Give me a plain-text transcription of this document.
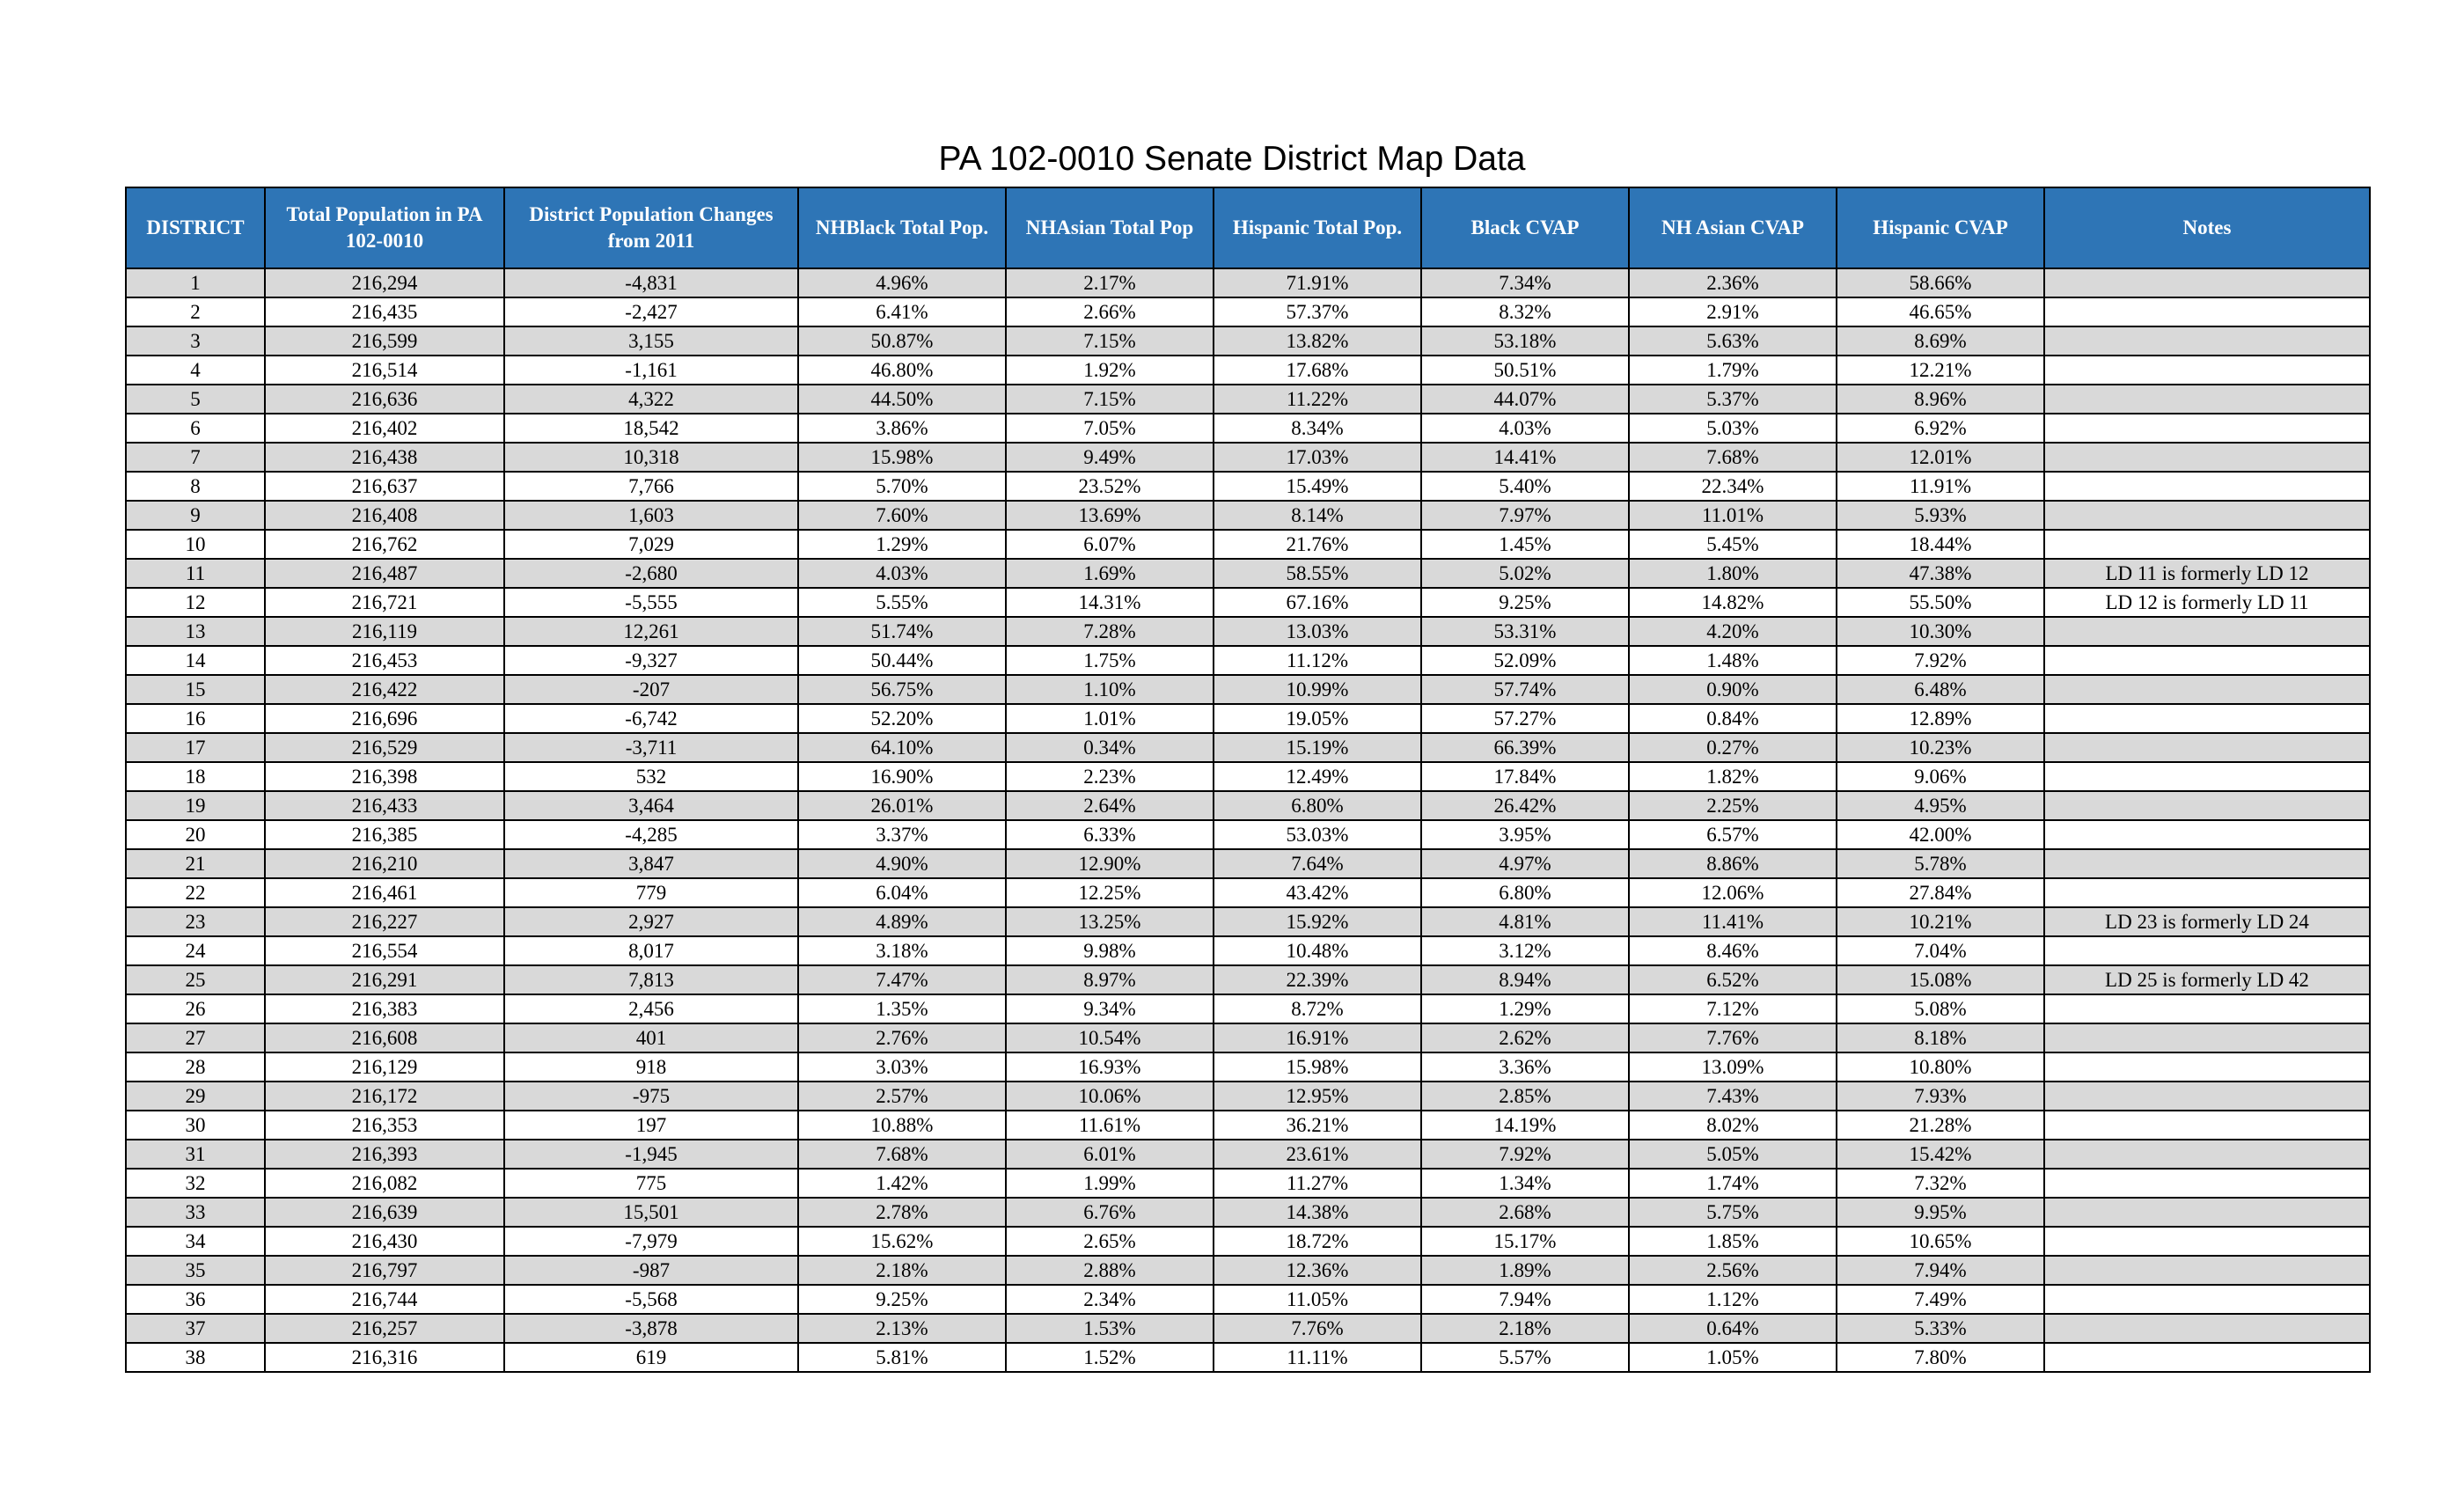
PA 102-0010 Senate District Map Data
DISTRICT	Total Population in PA 102-0010	District Population Changes from 2011	NHBlack Total Pop.	NHAsian Total Pop	Hispanic Total Pop.	Black CVAP	NH Asian CVAP	Hispanic CVAP	Notes
1	216,294	-4,831	4.96%	2.17%	71.91%	7.34%	2.36%	58.66%	
2	216,435	-2,427	6.41%	2.66%	57.37%	8.32%	2.91%	46.65%	
3	216,599	3,155	50.87%	7.15%	13.82%	53.18%	5.63%	8.69%	
4	216,514	-1,161	46.80%	1.92%	17.68%	50.51%	1.79%	12.21%	
5	216,636	4,322	44.50%	7.15%	11.22%	44.07%	5.37%	8.96%	
6	216,402	18,542	3.86%	7.05%	8.34%	4.03%	5.03%	6.92%	
7	216,438	10,318	15.98%	9.49%	17.03%	14.41%	7.68%	12.01%	
8	216,637	7,766	5.70%	23.52%	15.49%	5.40%	22.34%	11.91%	
9	216,408	1,603	7.60%	13.69%	8.14%	7.97%	11.01%	5.93%	
10	216,762	7,029	1.29%	6.07%	21.76%	1.45%	5.45%	18.44%	
11	216,487	-2,680	4.03%	1.69%	58.55%	5.02%	1.80%	47.38%	LD 11 is formerly LD 12
12	216,721	-5,555	5.55%	14.31%	67.16%	9.25%	14.82%	55.50%	LD 12 is formerly LD 11
13	216,119	12,261	51.74%	7.28%	13.03%	53.31%	4.20%	10.30%	
14	216,453	-9,327	50.44%	1.75%	11.12%	52.09%	1.48%	7.92%	
15	216,422	-207	56.75%	1.10%	10.99%	57.74%	0.90%	6.48%	
16	216,696	-6,742	52.20%	1.01%	19.05%	57.27%	0.84%	12.89%	
17	216,529	-3,711	64.10%	0.34%	15.19%	66.39%	0.27%	10.23%	
18	216,398	532	16.90%	2.23%	12.49%	17.84%	1.82%	9.06%	
19	216,433	3,464	26.01%	2.64%	6.80%	26.42%	2.25%	4.95%	
20	216,385	-4,285	3.37%	6.33%	53.03%	3.95%	6.57%	42.00%	
21	216,210	3,847	4.90%	12.90%	7.64%	4.97%	8.86%	5.78%	
22	216,461	779	6.04%	12.25%	43.42%	6.80%	12.06%	27.84%	
23	216,227	2,927	4.89%	13.25%	15.92%	4.81%	11.41%	10.21%	LD 23 is formerly LD 24
24	216,554	8,017	3.18%	9.98%	10.48%	3.12%	8.46%	7.04%	
25	216,291	7,813	7.47%	8.97%	22.39%	8.94%	6.52%	15.08%	LD 25 is formerly LD 42
26	216,383	2,456	1.35%	9.34%	8.72%	1.29%	7.12%	5.08%	
27	216,608	401	2.76%	10.54%	16.91%	2.62%	7.76%	8.18%	
28	216,129	918	3.03%	16.93%	15.98%	3.36%	13.09%	10.80%	
29	216,172	-975	2.57%	10.06%	12.95%	2.85%	7.43%	7.93%	
30	216,353	197	10.88%	11.61%	36.21%	14.19%	8.02%	21.28%	
31	216,393	-1,945	7.68%	6.01%	23.61%	7.92%	5.05%	15.42%	
32	216,082	775	1.42%	1.99%	11.27%	1.34%	1.74%	7.32%	
33	216,639	15,501	2.78%	6.76%	14.38%	2.68%	5.75%	9.95%	
34	216,430	-7,979	15.62%	2.65%	18.72%	15.17%	1.85%	10.65%	
35	216,797	-987	2.18%	2.88%	12.36%	1.89%	2.56%	7.94%	
36	216,744	-5,568	9.25%	2.34%	11.05%	7.94%	1.12%	7.49%	
37	216,257	-3,878	2.13%	1.53%	7.76%	2.18%	0.64%	5.33%	
38	216,316	619	5.81%	1.52%	11.11%	5.57%	1.05%	7.80%	
